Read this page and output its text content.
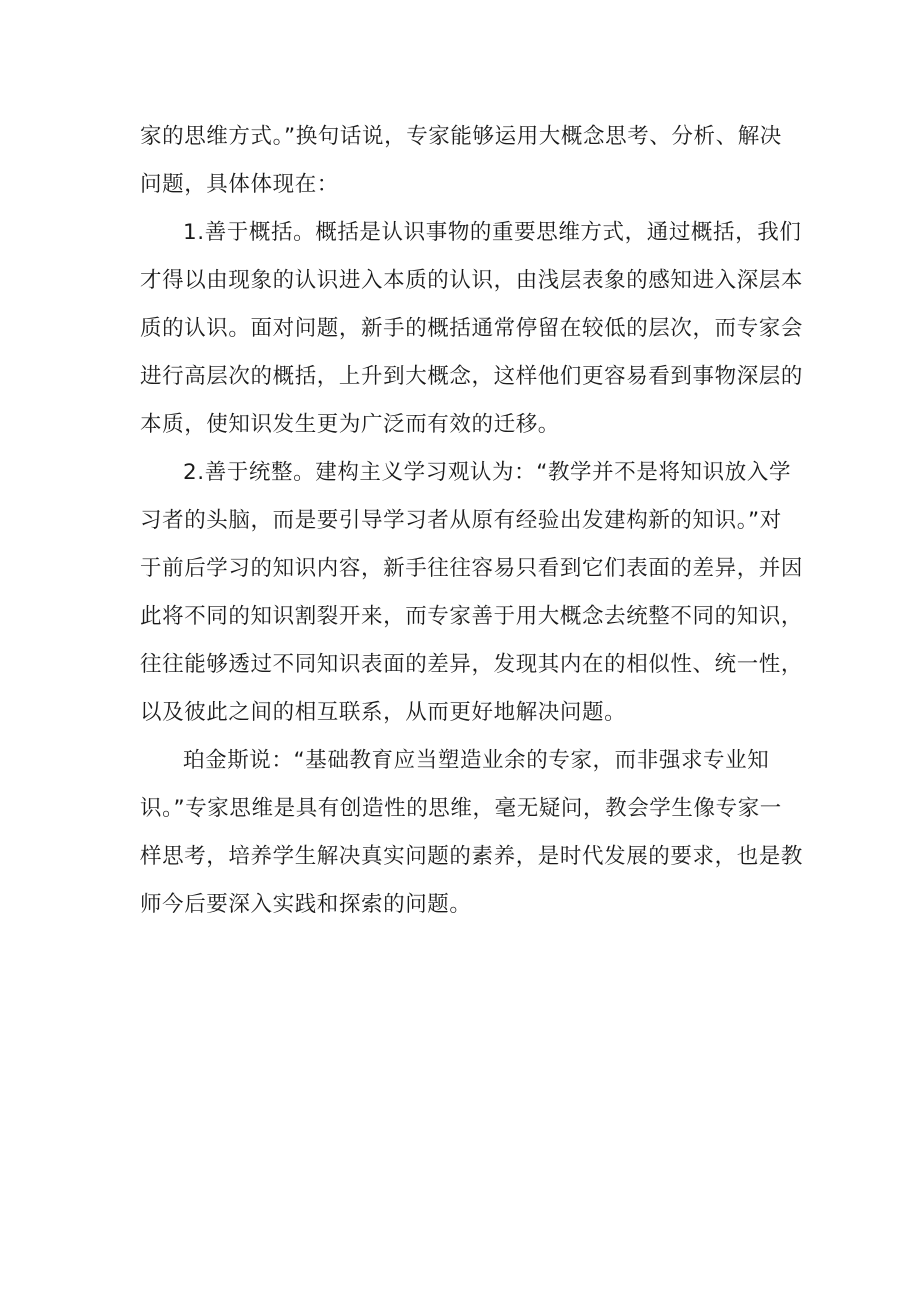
家的思维方式。”换句话说，专家能够运用大概念思考、分析、解决
问题，具体体现在：
1.善于概括。概括是认识事物的重要思维方式，通过概括，我们
才得以由现象的认识进入本质的认识，由浅层表象的感知进入深层本
质的认识。面对问题，新手的概括通常停留在较低的层次，而专家会
进行高层次的概括，上升到大概念，这样他们更容易看到事物深层的
本质，使知识发生更为广泛而有效的迁移。
2.善于统整。建构主义学习观认为：“教学并不是将知识放入学
习者的头脑，而是要引导学习者从原有经验出发建构新的知识。”对
于前后学习的知识内容，新手往往容易只看到它们表面的差异，并因
此将不同的知识割裂开来，而专家善于用大概念去统整不同的知识，
往往能够透过不同知识表面的差异，发现其内在的相似性、统一性，
以及彼此之间的相互联系，从而更好地解决问题。
珀金斯说：“基础教育应当塑造业余的专家，而非强求专业知
识。”专家思维是具有创造性的思维，毫无疑问，教会学生像专家一
样思考，培养学生解决真实问题的素养，是时代发展的要求，也是教
师今后要深入实践和探索的问题。
